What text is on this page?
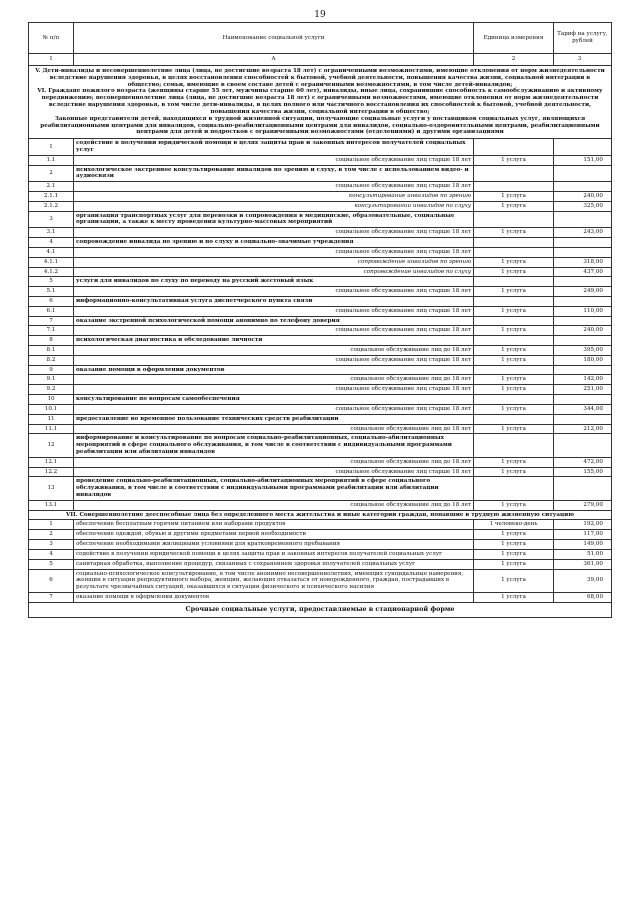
19
№ п/п	Наименование социальной услуги	Единица измерения	Тариф на услугу, рублей
1	А	2	3

V. Дети-инвалиды и несовершеннолетние лица (лица, не достигшие возраста 18 лет) с ограниченными возможностями, имеющие отклонения от норм жизнедеятельности вследствие нарушения здоровья, в целях восстановления способностей к бытовой, учебной деятельности, повышения качества жизни, социальной интеграции в общество; семьи, имеющие в своем составе детей с ограниченными возможностями, в том числе детей-инвалидов;
VI. Граждане пожилого возраста (женщины старше 55 лет, мужчины старше 60 лет), инвалиды, иные лица, сохранившие способность к самообслуживанию и активному передвижению; несовершеннолетние лица (лица, не достигшие возраста 18 лет) с ограниченными возможностями, имеющие отклонения от норм жизнедеятельности вследствие нарушения здоровья, в том числе дети-инвалиды, в целях полного или частичного восстановления их способностей к бытовой, учебной деятельности, повышения качества жизни, социальной интеграции в общество;
Законные представители детей, находящихся в трудной жизненной ситуации, получающие социальные услуги у поставщиков социальных услуг, являющихся реабилитационными центрами для инвалидов, социально-реабилитационными центрами для инвалидов, социально-оздоровительными центрами, реабилитационными центрами для детей и подростков с ограниченными возможностями (отделениями) и другими организациями			

1	содействие в получении юридической помощи в целях защиты прав и законных интересов получателей социальных услуг		
1.1	социальное обслуживание лиц старше 18 лет	1 услуга	151,00
2	психологическое экстренное консультирование инвалидов по зрению и слуху, в том числе с использованием видео- и аудиосвязи		
2.1	социальное обслуживание лиц старше 18 лет		
2.1.1	консультирование инвалидов по зрению	1 услуга	240,00
2.1.2	консультировании инвалидов по слуху	1 услуга	325,00
3	организация транспортных услуг для перевозки и сопровождения в медицинские, образовательные, социальные организации, а также к месту проведения культурно-массовых мероприятий		
3.1	социальное обслуживание лиц старше 18 лет	1 услуга	243,00
4	сопровождение инвалида по зрению и по слуху в социально-значимые учреждения		
4.1	социальное обслуживание лиц старше 18 лет		
4.1.1	сопровождение инвалидов по зрению	1 услуга	318,00
4.1.2	сопровождение инвалидов по слуху	1 услуга	437,00
5	услуги для инвалидов по слуху по переводу на русский жестовый язык		
5.1	социальное обслуживание лиц старше 18 лет	1 услуга	249,00
6	информационно-консультативная услуга диспетчерского пункта связи		
6.1	социальное обслуживание лиц старше 18 лет	1 услуга	110,00
7	оказание экстренной психологической помощи анонимно по телефону доверия		
7.1	социальное обслуживание лиц старше 18 лет	1 услуга	240,00
8	психологическая диагностика и обследование личности		
8.1	социальное обслуживание лиц до 18 лет	1 услуга	395,00
8.2	социальное обслуживание лиц старше 18 лет	1 услуга	180,00
9	оказание помощи в оформлении документов		
9.1	социальное обслуживание лиц до 18 лет	1 услуга	142,00
9.2	социальное обслуживание лиц старше 18 лет	1 услуга	251,00
10	консультирование по вопросам самообеспечения		
10.1	социальное обслуживание лиц старше 18 лет	1 услуга	344,00
11	предоставление во временное пользование технических средств реабилитации		
11.1	социальное обслуживание лиц до 18 лет	1 услуга	212,00
12	информирование и консультирование по вопросам социально-реабилитационных, социально-абилитационных мероприятий в сфере социального обслуживания, в том числе в соответствии с индивидуальными программами реабилитации или абилитации инвалидов		
12.1	социальное обслуживание лиц до 18 лет	1 услуга	472,00
12.2	социальное обслуживание лиц старше 18 лет	1 услуга	155,00
13	проведение социально-реабилитационных, социально-абилитационных мероприятий в сфере социального обслуживания, в том числе в соответствии с индивидуальными программами реабилитации или абилитации инвалидов		
13.1	социальное обслуживание лиц до 18 лет	1 услуга	279,00
VII. Совершеннолетние дееспособные лица без определенного места жительства и иные категории граждан, попавшие в трудную жизненную ситуацию			
1	обеспечение бесплатным горячим питанием или наборами продуктов	1 человеко-день	192,00
2	обеспечение одеждой, обувью и другими предметами первой необходимости	1 услуга	117,00
3	обеспечение необходимыми жилищными условиями для кратковременного пребывания	1 услуга	149,00
4	содействие в получении юридической помощи в целях защиты прав и законных интересов получателей социальных услуг	1 услуга	51,00
5	санитарная обработка, выполнение процедур, связанных с сохранением здоровья получателей социальных услуг	1 услуга	361,00
6	социально-психологическое консультирование, в том числе анонимно несовершеннолетних, имеющих суицидальные намерения, женщин в ситуации репродуктивного выбора, женщин, желающих отказаться от новорожденного, граждан, пострадавших в результате чрезвычайных ситуаций, оказавшихся в ситуации физического и психического насилия	1 услуга	39,00
7	оказание помощи в оформлении документов	1 услуга	68,00
Срочные социальные услуги, предоставляемые в стационарной форме			
